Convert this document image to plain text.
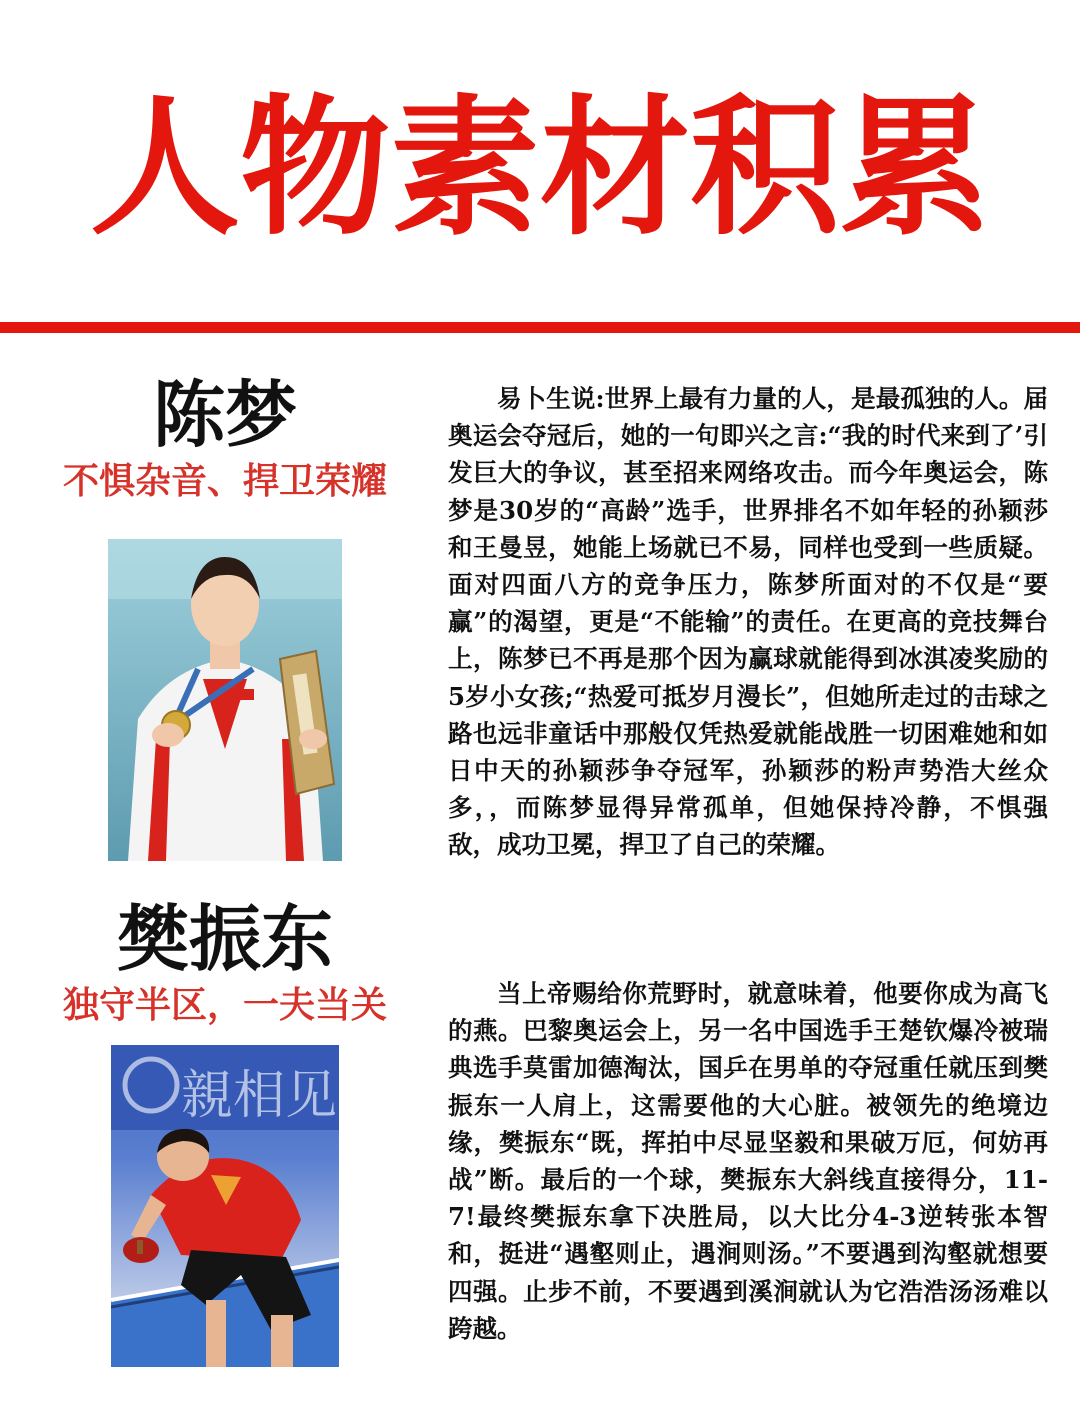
人物素材积累
陈梦
不惧杂音、捍卫荣耀
樊振东
独守半区，一夫当关
親相见

易卜生说:世界上最有力量的人，是最孤独的人。届奥运会夺冠后，她的一句即兴之言:“我的时代来到了’引发巨大的争议，甚至招来网络攻击。而今年奥运会，陈梦是30岁的“高龄”选手，世界排名不如年轻的孙颖莎和王曼昱，她能上场就已不易，同样也受到一些质疑。面对四面八方的竞争压力，陈梦所面对的不仅是“要赢”的渴望，更是“不能输”的责任。在更高的竞技舞台上，陈梦已不再是那个因为赢球就能得到冰淇凌奖励的5岁小女孩;“热爱可抵岁月漫长”，但她所走过的击球之路也远非童话中那般仅凭热爱就能战胜一切困难她和如日中天的孙颖莎争夺冠军，孙颖莎的粉声势浩大丝众多，，而陈梦显得异常孤单，但她保持冷静，不惧强敌，成功卫冕，捍卫了自己的荣耀。

当上帝赐给你荒野时，就意味着，他要你成为高飞的燕。巴黎奥运会上，另一名中国选手王楚钦爆冷被瑞典选手莫雷加德淘汰，国乒在男单的夺冠重任就压到樊振东一人肩上，这需要他的大心脏。被领先的绝境边缘，樊振东“既，挥拍中尽显坚毅和果破万厄，何妨再战”断。最后的一个球，樊振东大斜线直接得分，11-7!最终樊振东拿下决胜局，以大比分4-3逆转张本智和，挺进“遇壑则止，遇涧则汤。”不要遇到沟壑就想要四强。止步不前，不要遇到溪涧就认为它浩浩汤汤难以跨越。
